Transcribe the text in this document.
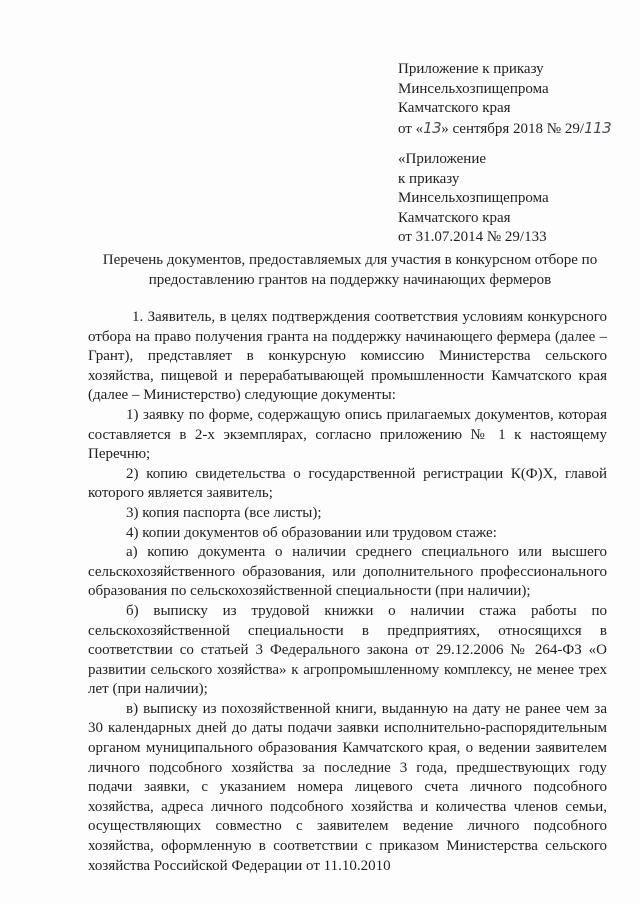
Приложение к приказу
Минсельхозпищепрома
Камчатского края
от «13» сентября 2018 № 29/113
«Приложение
к приказу
Минсельхозпищепрома
Камчатского края
от 31.07.2014 № 29/133
Перечень документов, предоставляемых для участия в конкурсном отборе по
предоставлению грантов на поддержку начинающих фермеров

1. Заявитель, в целях подтверждения соответствия условиям конкурсного отбора на право получения гранта на поддержку начинающего фермера (далее – Грант), представляет в конкурсную комиссию Министерства сельского хозяйства, пищевой и перерабатывающей промышленности Камчатского края (далее – Министерство) следующие документы:

1) заявку по форме, содержащую опись прилагаемых документов, которая составляется в 2-х экземплярах, согласно приложению № 1 к настоящему Перечню;

2) копию свидетельства о государственной регистрации К(Ф)Х, главой которого является заявитель;

3) копия паспорта (все листы);

4) копии документов об образовании или трудовом стаже:

а) копию документа о наличии среднего специального или высшего сельскохозяйственного образования, или дополнительного профессионального образования по сельскохозяйственной специальности (при наличии);

б) выписку из трудовой книжки о наличии стажа работы по сельскохозяйственной специальности в предприятиях, относящихся в соответствии со статьей 3 Федерального закона от 29.12.2006 № 264-ФЗ «О развитии сельского хозяйства» к агропромышленному комплексу, не менее трех лет (при наличии);

в) выписку из похозяйственной книги, выданную на дату не ранее чем за 30 календарных дней до даты подачи заявки исполнительно-распорядительным органом муниципального образования Камчатского края, о ведении заявителем личного подсобного хозяйства за последние 3 года, предшествующих году подачи заявки, с указанием номера лицевого счета личного подсобного хозяйства, адреса личного подсобного хозяйства и количества членов семьи, осуществляющих совместно с заявителем ведение личного подсобного хозяйства, оформленную в соответствии с приказом Министерства сельского хозяйства Российской Федерации от 11.10.2010
